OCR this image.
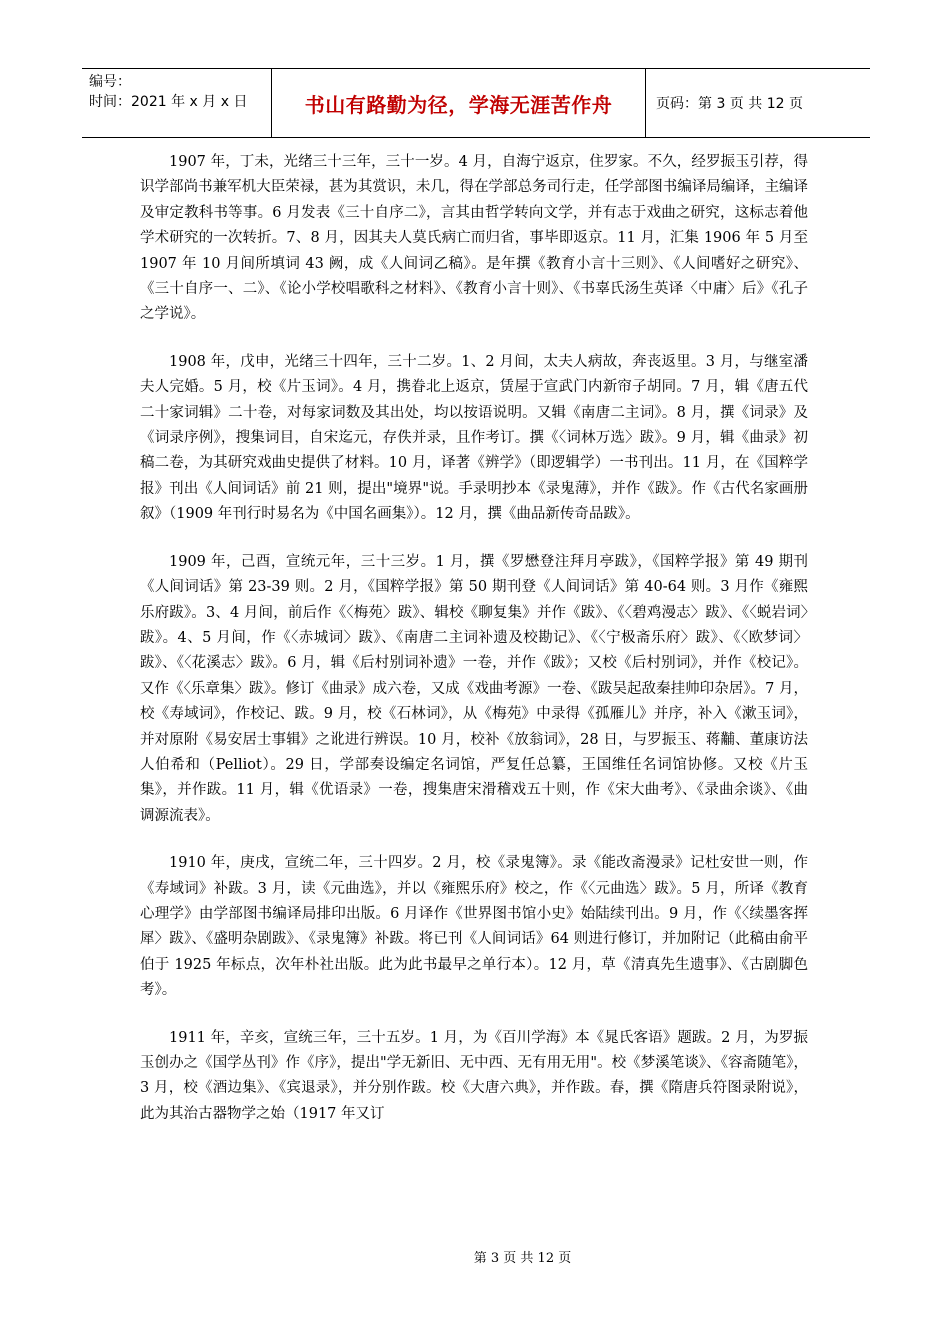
编号：
时间：2021 年 x 月 x 日	书山有路勤为径，学海无涯苦作舟	页码：第 3 页 共 12 页

1907 年，丁未，光绪三十三年，三十一岁。4 月，自海宁返京，住罗家。不久，经罗振玉引荐，得识学部尚书兼军机大臣荣禄，甚为其赏识，未几，得在学部总务司行走，任学部图书编译局编译，主编译及审定教科书等事。6 月发表《三十自序二》，言其由哲学转向文学，并有志于戏曲之研究，这标志着他学术研究的一次转折。7、8 月，因其夫人莫氏病亡而归省，事毕即返京。11 月，汇集 1906 年 5 月至 1907 年 10 月间所填词 43 阙，成《人间词乙稿》。是年撰《教育小言十三则》、《人间嗜好之研究》、《三十自序一、二》、《论小学校唱歌科之材料》、《教育小言十则》、《书辜氏汤生英译〈中庸〉后》《孔子之学说》。

1908 年，戊申，光绪三十四年，三十二岁。1、2 月间，太夫人病故，奔丧返里。3 月，与继室潘夫人完婚。5 月，校《片玉词》。4 月，携眷北上返京，赁屋于宣武门内新帘子胡同。7 月，辑《唐五代二十家词辑》二十卷，对每家词数及其出处，均以按语说明。又辑《南唐二主词》。8 月，撰《词录》及《词录序例》，搜集词目，自宋迄元，存佚并录，且作考订。撰《〈词林万选〉跋》。9 月，辑《曲录》初稿二卷，为其研究戏曲史提供了材料。10 月，译著《辨学》（即逻辑学）一书刊出。11 月，在《国粹学报》刊出《人间词话》前 21 则，提出"境界"说。手录明抄本《录鬼薄》，并作《跋》。作《古代名家画册叙》（1909 年刊行时易名为《中国名画集》）。12 月，撰《曲品新传奇品跋》。

1909 年，己酉，宣统元年，三十三岁。1 月，撰《罗懋登注拜月亭跋》，《国粹学报》第 49 期刊《人间词话》第 23-39 则。2 月，《国粹学报》第 50 期刊登《人间词话》第 40-64 则。3 月作《雍熙乐府跋》。3、4 月间，前后作《〈梅苑〉跋》、辑校《聊复集》并作《跋》、《〈碧鸡漫志〉跋》、《〈蜕岩词〉跋》。4、5 月间，作《〈赤城词〉跋》、《南唐二主词补遗及校勘记》、《〈宁极斋乐府〉跋》、《〈欧梦词〉跋》、《〈花溪志〉跋》。6 月，辑《后村别词补遗》一卷，并作《跋》；又校《后村别词》，并作《校记》。又作《〈乐章集〉跋》。修订《曲录》成六卷，又成《戏曲考源》一卷、《跋吴起敌秦挂帅印杂居》。7 月，校《寿域词》，作校记、跋。9 月，校《石林词》，从《梅苑》中录得《孤雁儿》并序，补入《漱玉词》，并对原附《易安居士事辑》之讹进行辨误。10 月，校补《放翁词》，28 日，与罗振玉、蒋黼、董康访法人伯希和（Pelliot）。29 日，学部奏设编定名词馆，严复任总纂，王国维任名词馆协修。又校《片玉集》，并作跋。11 月，辑《优语录》一卷，搜集唐宋滑稽戏五十则，作《宋大曲考》、《录曲余谈》、《曲调源流表》。

1910 年，庚戌，宣统二年，三十四岁。2 月，校《录鬼簿》。录《能改斋漫录》记杜安世一则，作《寿域词》补跋。3 月，读《元曲选》，并以《雍熙乐府》校之，作《〈元曲选〉跋》。5 月，所译《教育心理学》由学部图书编译局排印出版。6 月译作《世界图书馆小史》始陆续刊出。9 月，作《〈续墨客挥犀〉跋》、《盛明杂剧跋》、《录鬼簿》补跋。将已刊《人间词话》64 则进行修订，并加附记（此稿由俞平伯于 1925 年标点，次年朴社出版。此为此书最早之单行本）。12 月，草《清真先生遗事》、《古剧脚色考》。

1911 年，辛亥，宣统三年，三十五岁。1 月，为《百川学海》本《晁氏客语》题跋。2 月，为罗振玉创办之《国学丛刊》作《序》，提出"学无新旧、无中西、无有用无用"。校《梦溪笔谈》、《容斋随笔》，3 月，校《酒边集》、《宾退录》，并分别作跋。校《大唐六典》，并作跋。春，撰《隋唐兵符图录附说》，此为其治古器物学之始（1917 年又订

第 3 页 共 12 页
